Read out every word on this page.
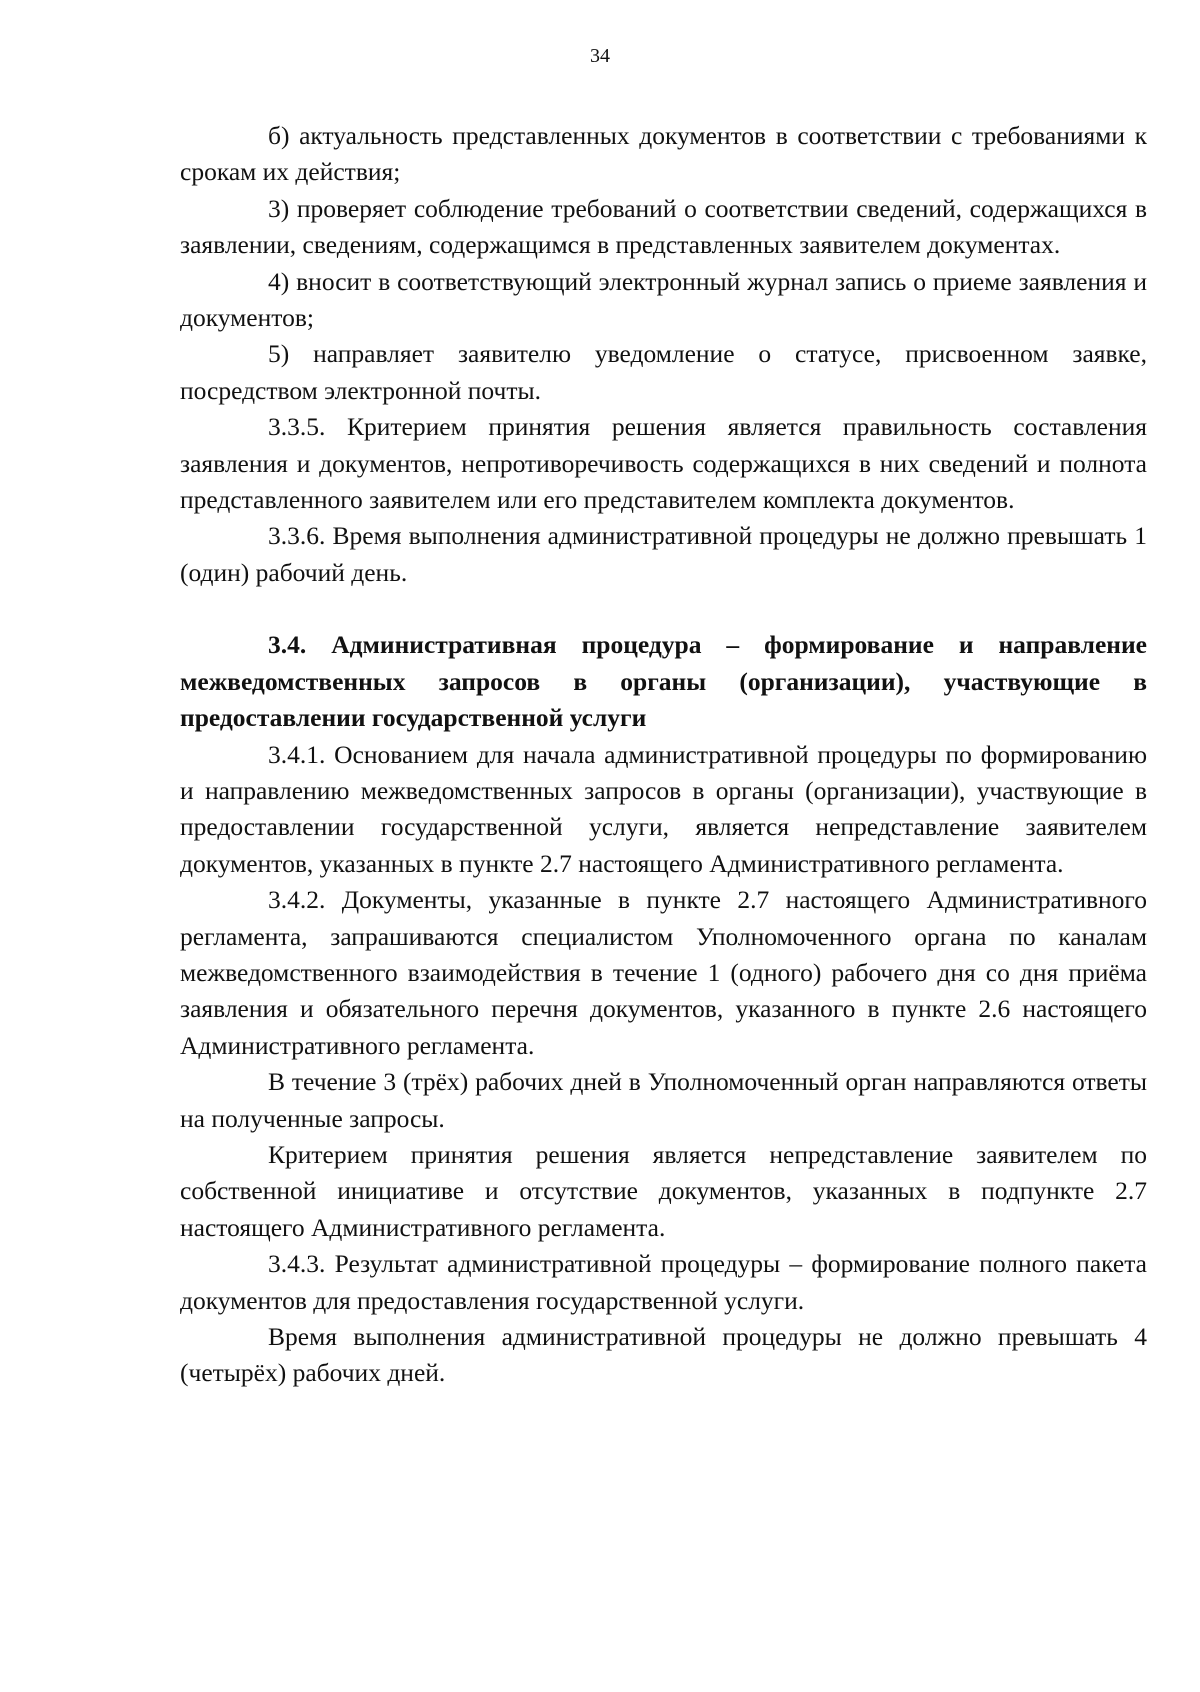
34

б) актуальность представленных документов в соответствии с требованиями к срокам их действия;

3) проверяет соблюдение требований о соответствии сведений, содержащихся в заявлении, сведениям, содержащимся в представленных заявителем документах.

4) вносит в соответствующий электронный журнал запись о приеме заявления и документов;

5) направляет заявителю уведомление о статусе, присвоенном заявке, посредством электронной почты.

3.3.5. Критерием принятия решения является правильность составления заявления и документов, непротиворечивость содержащихся в них сведений и полнота представленного заявителем или его представителем комплекта документов.

3.3.6. Время выполнения административной процедуры не должно превышать 1 (один) рабочий день.

3.4. Административная процедура – формирование и направление межведомственных запросов в органы (организации), участвующие в предоставлении государственной услуги

3.4.1. Основанием для начала административной процедуры по формированию и направлению межведомственных запросов в органы (организации), участвующие в предоставлении государственной услуги, является непредставление заявителем документов, указанных в пункте 2.7 настоящего Административного регламента.

3.4.2. Документы, указанные в пункте 2.7 настоящего Административного регламента, запрашиваются специалистом Уполномоченного органа по каналам межведомственного взаимодействия в течение 1 (одного) рабочего дня со дня приёма заявления и обязательного перечня документов, указанного в пункте 2.6 настоящего Административного регламента.

В течение 3 (трёх) рабочих дней в Уполномоченный орган направляются ответы на полученные запросы.

Критерием принятия решения является непредставление заявителем по собственной инициативе и отсутствие документов, указанных в подпункте 2.7 настоящего Административного регламента.

3.4.3. Результат административной процедуры – формирование полного пакета документов для предоставления государственной услуги.

Время выполнения административной процедуры не должно превышать 4 (четырёх) рабочих дней.
